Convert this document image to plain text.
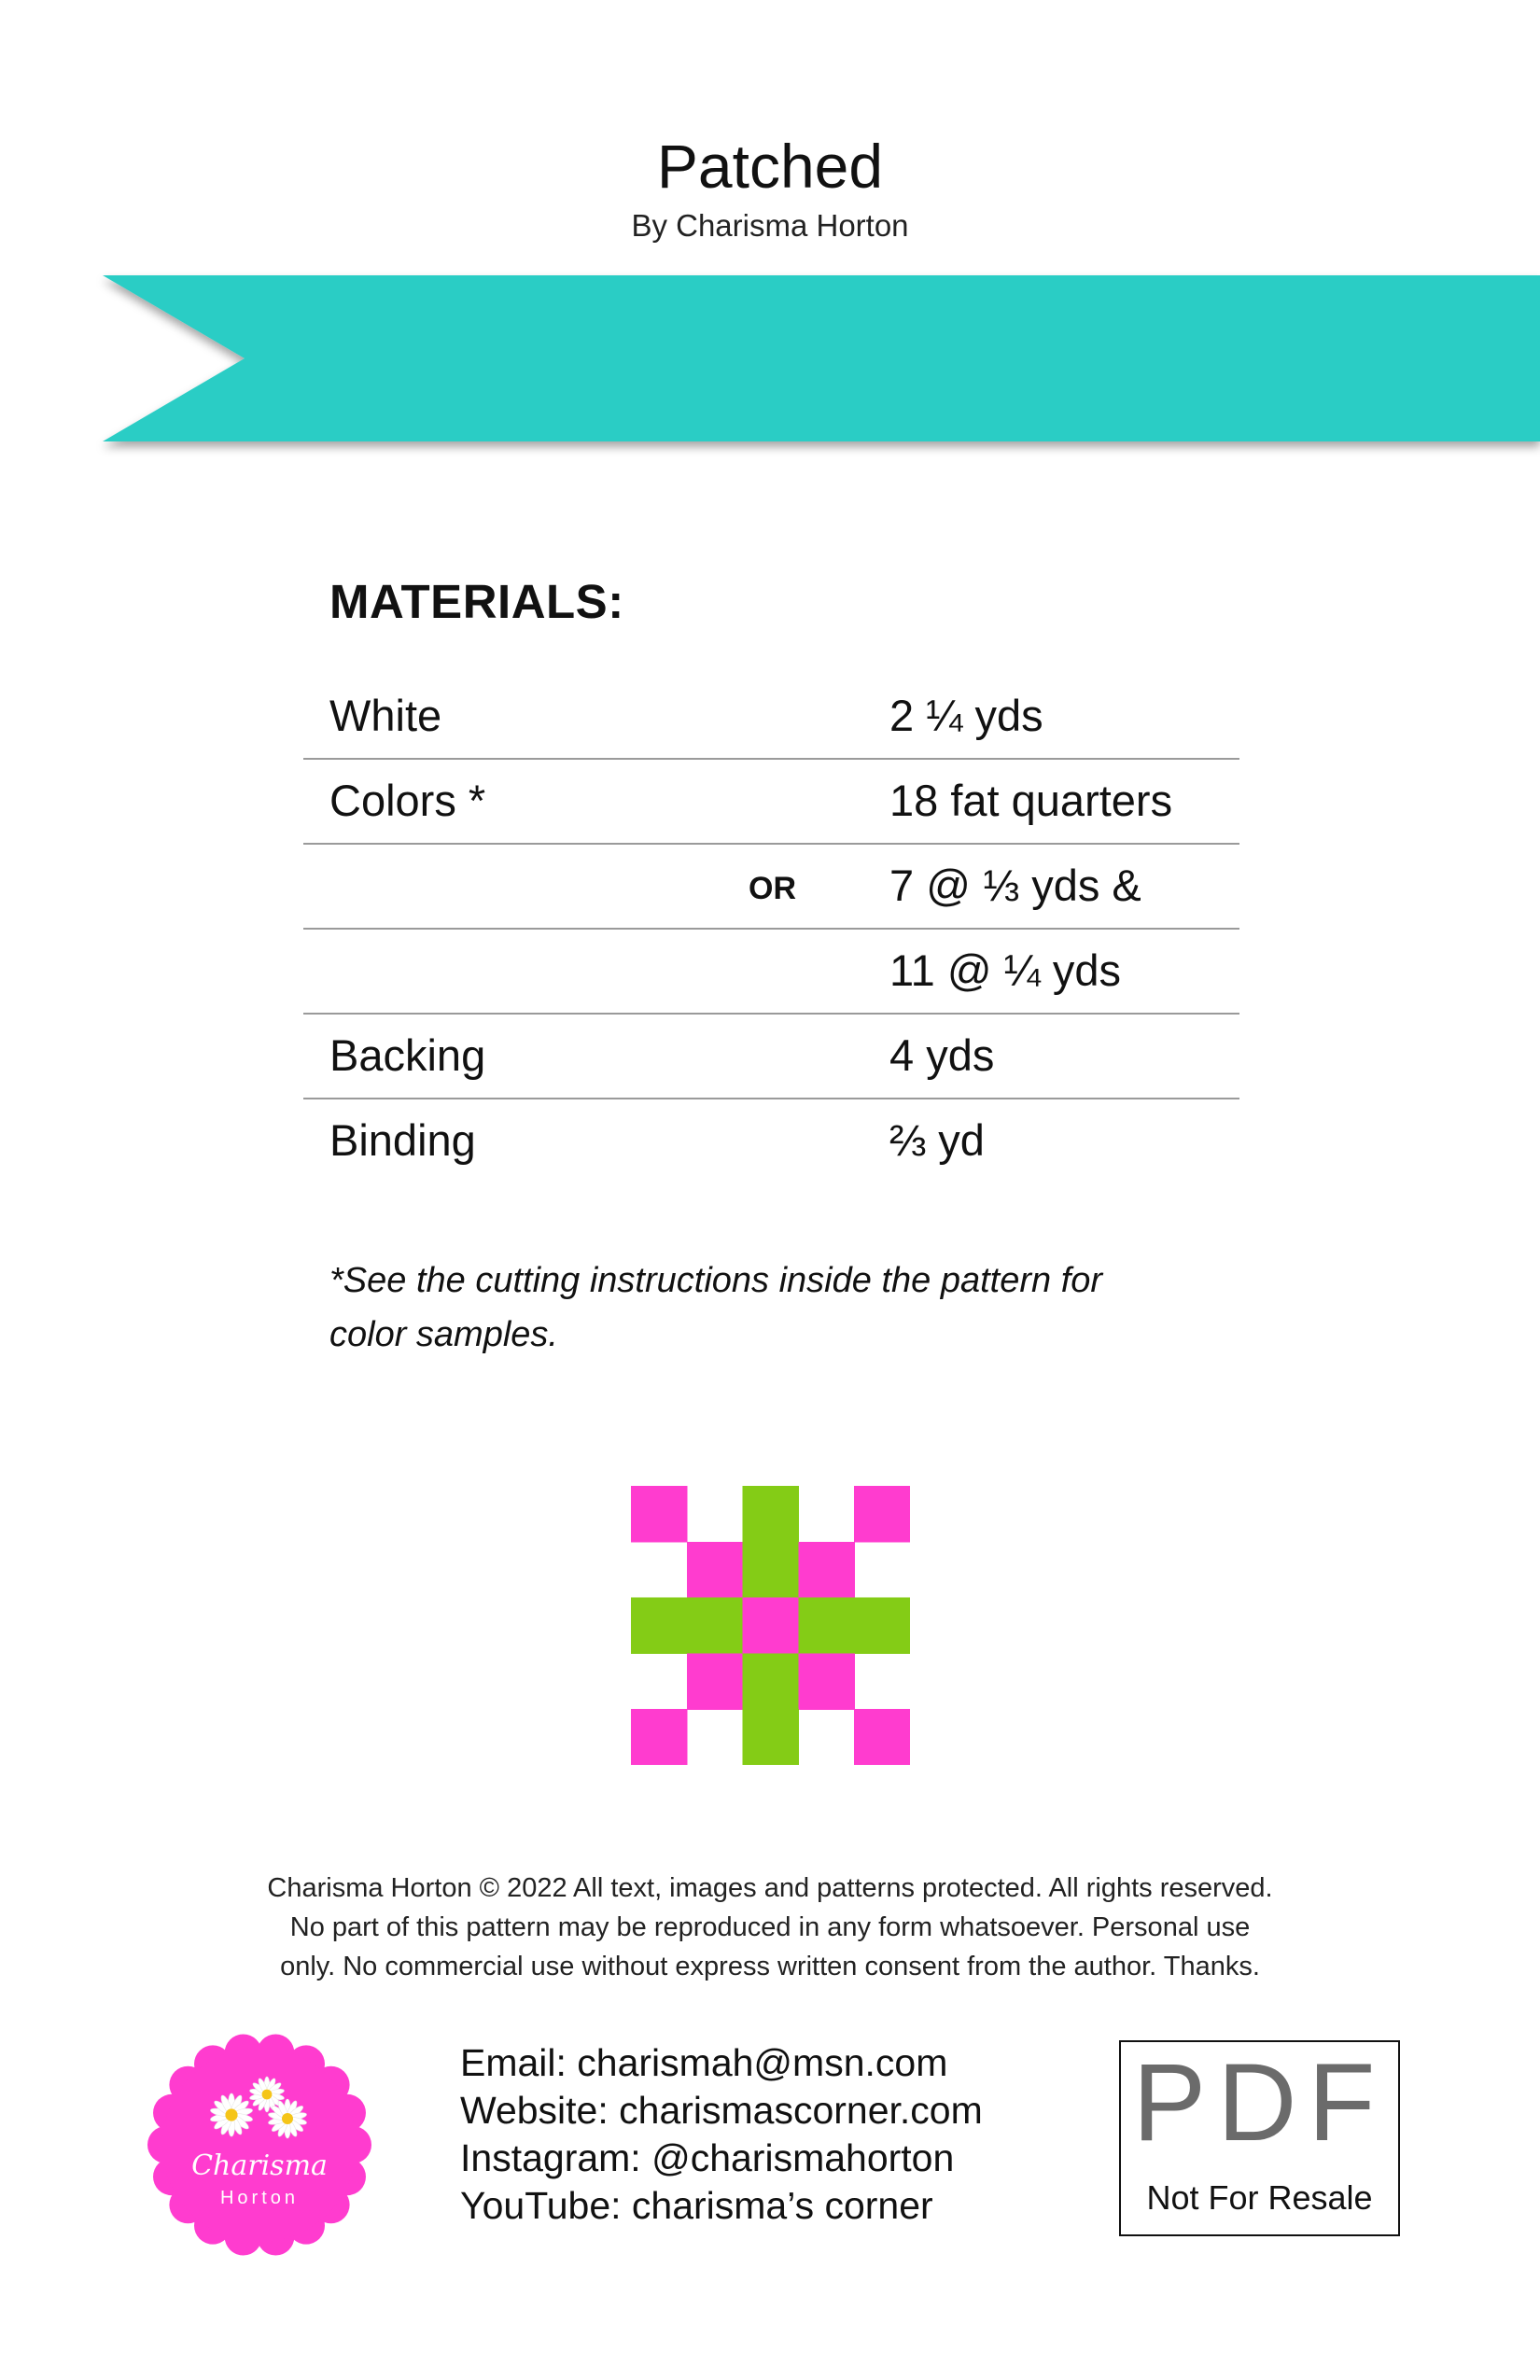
Patched
By Charisma Horton
MATERIALS:
White	2 ¼ yds
Colors *	18 fat quarters
OR 7 @ ⅓ yds &
11 @ ¼ yds
Backing	4 yds
Binding	⅔ yd
*See the cutting instructions inside the pattern for
color samples.
Charisma Horton © 2022 All text, images and patterns protected. All rights reserved.
No part of this pattern may be reproduced in any form whatsoever. Personal use
only. No commercial use without express written consent from the author. Thanks.
Charisma
Horton
Email: charismah@msn.com
Website: charismascorner.com
Instagram: @charismahorton
YouTube: charisma’s corner
PDF
Not For Resale
